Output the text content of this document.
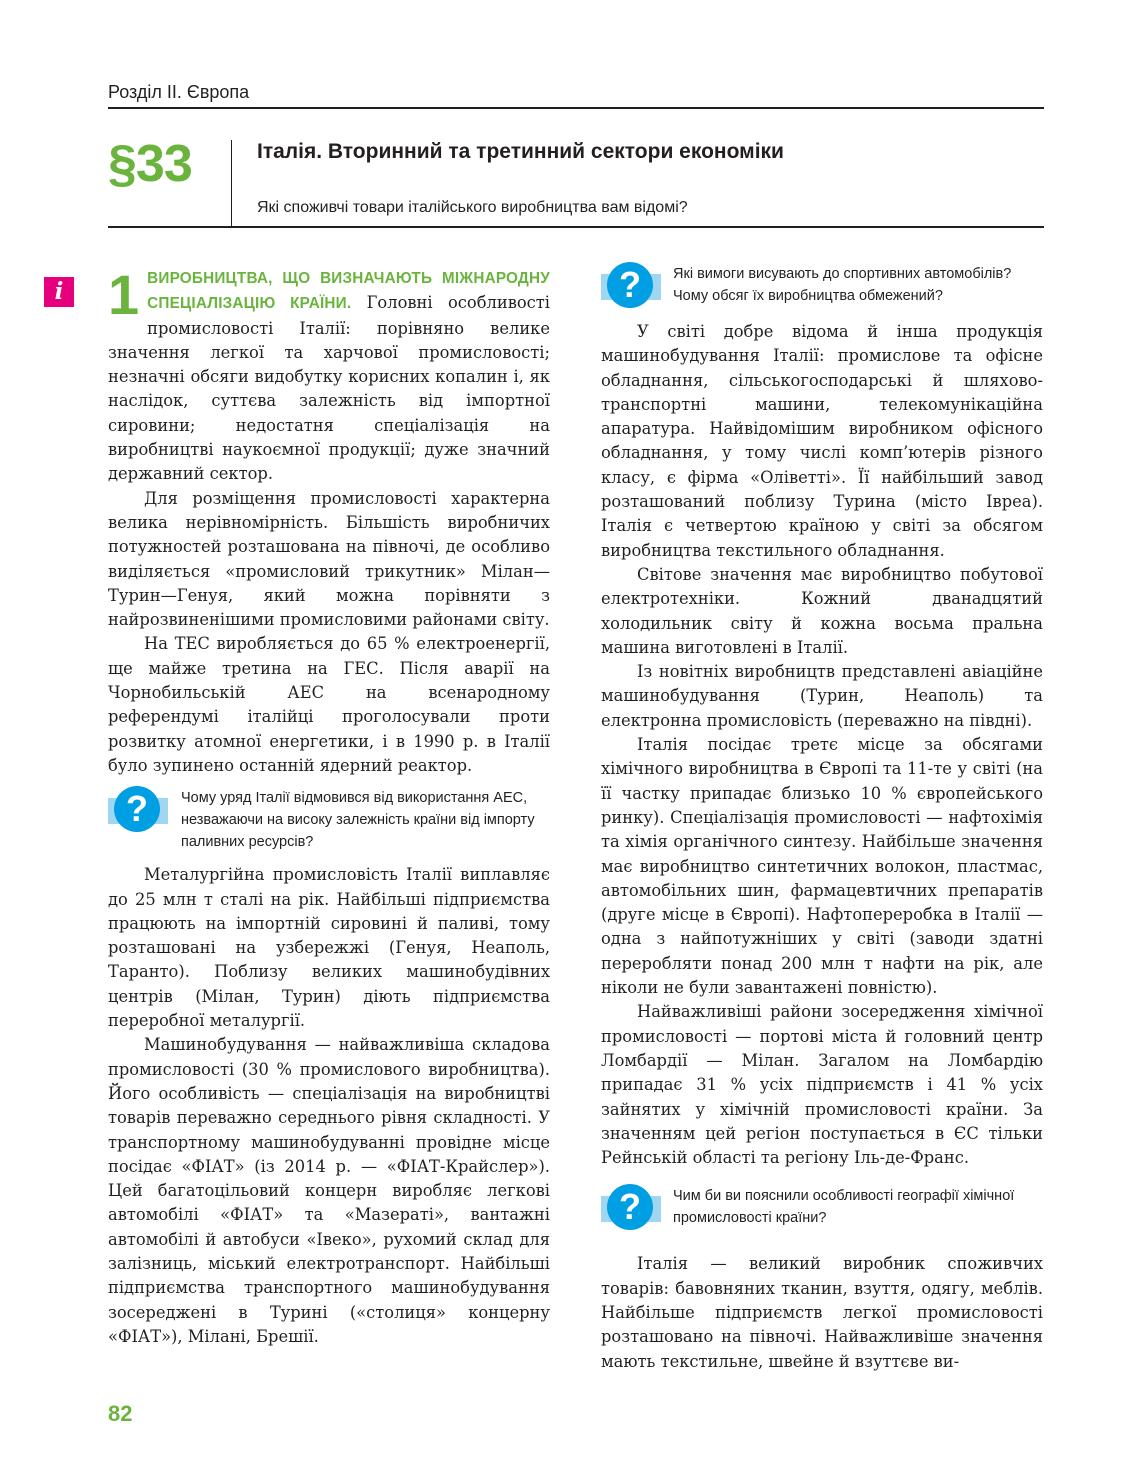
Розділ ІІ. Європа
§33	Італія. Вторинний та третинний сектори економіки
Які споживчі товари італійського виробництва вам відомі?
i 1 ВИРОБНИЦТВА, ЩО ВИЗНАЧАЮТЬ МІЖНАРОДНУ СПЕЦІАЛІЗАЦІЮ КРАЇНИ. Головні особливості промисловості Італії: порівняно велике значення легкої та харчової промисловості; незначні обсяги видобутку корисних копалин і, як наслідок, суттєва залежність від імпортної сировини; недостатня спеціалізація на виробництві наукоємної продукції; дуже значний державний сектор.

Для розміщення промисловості характерна велика нерівномірність. Більшість виробничих потужностей розташована на півночі, де особливо виділяється «промисловий трикутник» Мілан—Турин—Генуя, який можна порівняти з найрозвиненішими промисловими районами світу.

На ТЕС виробляється до 65 % електроенергії, ще майже третина на ГЕС. Після аварії на Чорнобильській АЕС на всенародному референдумі італійці проголосували проти розвитку атомної енергетики, і в 1990 р. в Італії було зупинено останній ядерний реактор.

?	Чому уряд Італії відмовився від використання АЕС, незважаючи на високу залежність країни від імпорту паливних ресурсів?

Металургійна промисловість Італії виплавляє до 25 млн т сталі на рік. Найбільші підприємства працюють на імпортній сировині й паливі, тому розташовані на узбережжі (Генуя, Неаполь, Таранто). Поблизу великих машинобудівних центрів (Мілан, Турин) діють підприємства переробної металургії.

Машинобудування — найважливіша складова промисловості (30 % промислового виробництва). Його особливість — спеціалізація на виробництві товарів переважно середнього рівня складності. У транспортному машинобудуванні провідне місце посідає «ФІАТ» (із 2014 р. — «ФІАТ-Крайслер»). Цей багатоцільовий концерн виробляє легкові автомобілі «ФІАТ» та «Мазераті», вантажні автомобілі й автобуси «Івеко», рухомий склад для залізниць, міський електротранспорт. Найбільші підприємства транспортного машинобудування зосереджені в Турині («столиця» концерну «ФІАТ»), Мілані, Брешії.

?	Які вимоги висувають до спортивних автомобілів? Чому обсяг їх виробництва обмежений?

У світі добре відома й інша продукція машинобудування Італії: промислове та офісне обладнання, сільськогосподарські й шляхово-транспортні машини, телекомунікаційна апаратура. Найвідомішим виробником офісного обладнання, у тому числі комп’ютерів різного класу, є фірма «Оліветті». Її найбільший завод розташований поблизу Турина (місто Івреа). Італія є четвертою країною у світі за обсягом виробництва текстильного обладнання.

Світове значення має виробництво побутової електротехніки. Кожний дванадцятий холодильник світу й кожна восьма пральна машина виготовлені в Італії.

Із новітніх виробництв представлені авіаційне машинобудування (Турин, Неаполь) та електронна промисловість (переважно на півдні).

Італія посідає третє місце за обсягами хімічного виробництва в Європі та 11-те у світі (на її частку припадає близько 10 % європейського ринку). Спеціалізація промисловості — нафтохімія та хімія органічного синтезу. Найбільше значення має виробництво синтетичних волокон, пластмас, автомобільних шин, фармацевтичних препаратів (друге місце в Європі). Нафтопереробка в Італії — одна з найпотужніших у світі (заводи здатні переробляти понад 200 млн т нафти на рік, але ніколи не були завантажені повністю).

Найважливіші райони зосередження хімічної промисловості — портові міста й головний центр Ломбардії — Мілан. Загалом на Ломбардію припадає 31 % усіх підприємств і 41 % усіх зайнятих у хімічній промисловості країни. За значенням цей регіон поступається в ЄС тільки Рейнській області та регіону Іль-де-Франс.

?	Чим би ви пояснили особливості географії хімічної промисловості країни?

Італія — великий виробник споживчих товарів: бавовняних тканин, взуття, одягу, меблів. Найбільше підприємств легкої промисловості розташовано на півночі. Найважливіше значення мають текстильне, швейне й взуттєве ви-

82
